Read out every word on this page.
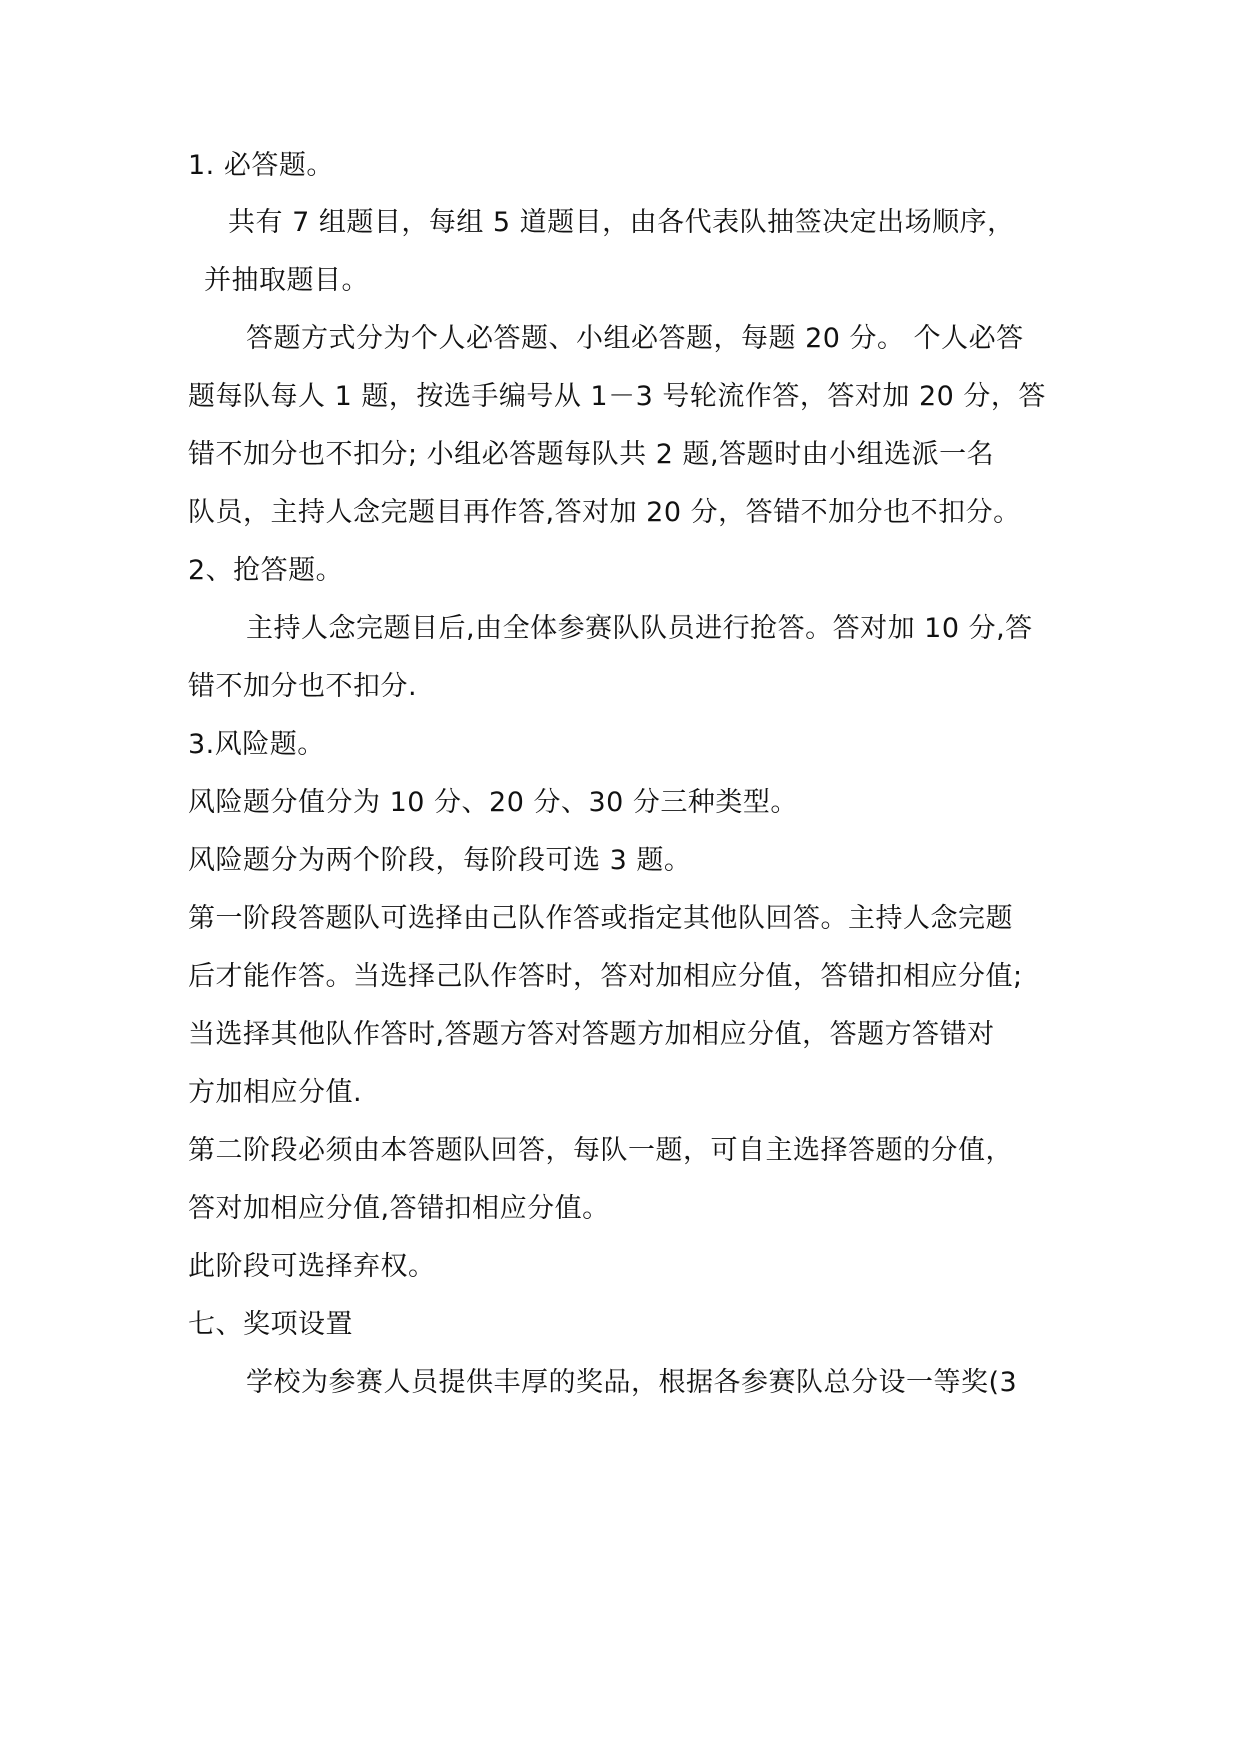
1. 必答题。
共有 7 组题目，每组 5 道题目，由各代表队抽签决定出场顺序，
并抽取题目。
答题方式分为个人必答题、小组必答题，每题 20 分。 个人必答
题每队每人 1 题，按选手编号从 1－3 号轮流作答，答对加 20 分，答
错不加分也不扣分; 小组必答题每队共 2 题,答题时由小组选派一名
队员，主持人念完题目再作答,答对加 20 分，答错不加分也不扣分。
2、抢答题。
主持人念完题目后,由全体参赛队队员进行抢答。答对加 10 分,答
错不加分也不扣分.
3.风险题。
风险题分值分为 10 分、20 分、30 分三种类型。
风险题分为两个阶段，每阶段可选 3 题。
第一阶段答题队可选择由己队作答或指定其他队回答。主持人念完题
后才能作答。当选择己队作答时，答对加相应分值，答错扣相应分值;
当选择其他队作答时,答题方答对答题方加相应分值，答题方答错对
方加相应分值.
第二阶段必须由本答题队回答，每队一题，可自主选择答题的分值，
答对加相应分值,答错扣相应分值。
此阶段可选择弃权。
七、奖项设置
学校为参赛人员提供丰厚的奖品，根据各参赛队总分设一等奖(3
